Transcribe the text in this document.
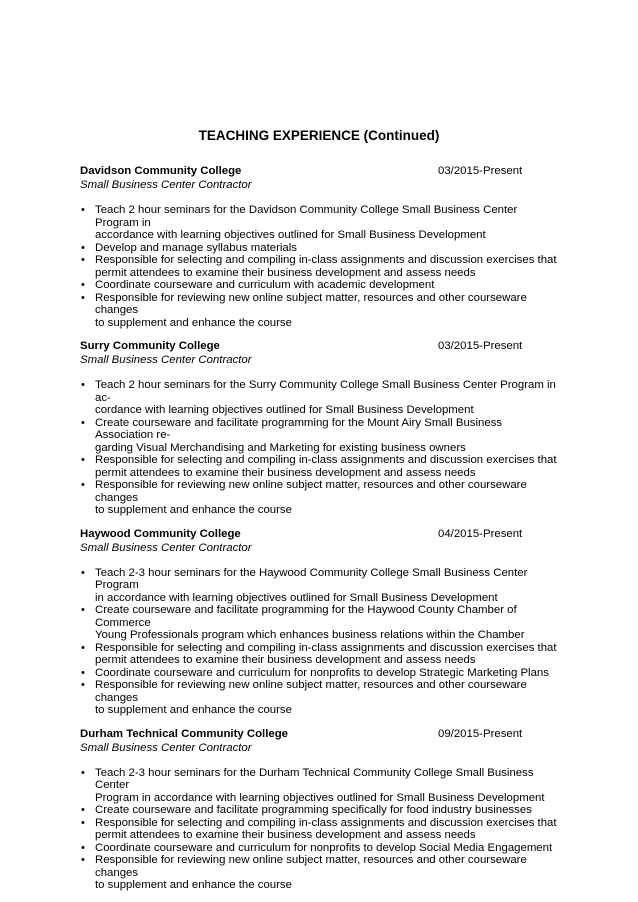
TEACHING EXPERIENCE (Continued)
Davidson Community College	03/2015-Present
Small Business Center Contractor
• Teach 2 hour seminars for the Davidson Community College Small Business Center Program in
accordance with learning objectives outlined for Small Business Development
• Develop and manage syllabus materials
• Responsible for selecting and compiling in-class assignments and discussion exercises that
permit attendees to examine their business development and assess needs
• Coordinate courseware and curriculum with academic development
• Responsible for reviewing new online subject matter, resources and other courseware changes
to supplement and enhance the course
Surry Community College	03/2015-Present
Small Business Center Contractor
• Teach 2 hour seminars for the Surry Community College Small Business Center Program in ac-
cordance with learning objectives outlined for Small Business Development
• Create courseware and facilitate programming for the Mount Airy Small Business Association re-
garding Visual Merchandising and Marketing for existing business owners
• Responsible for selecting and compiling in-class assignments and discussion exercises that
permit attendees to examine their business development and assess needs
• Responsible for reviewing new online subject matter, resources and other courseware changes
to supplement and enhance the course
Haywood Community College	04/2015-Present
Small Business Center Contractor
• Teach 2-3 hour seminars for the Haywood Community College Small Business Center Program
in accordance with learning objectives outlined for Small Business Development
• Create courseware and facilitate programming for the Haywood County Chamber of Commerce
Young Professionals program which enhances business relations within the Chamber
• Responsible for selecting and compiling in-class assignments and discussion exercises that
permit attendees to examine their business development and assess needs
• Coordinate courseware and curriculum for nonprofits to develop Strategic Marketing Plans
• Responsible for reviewing new online subject matter, resources and other courseware changes
to supplement and enhance the course
Durham Technical Community College	09/2015-Present
Small Business Center Contractor
• Teach 2-3 hour seminars for the Durham Technical Community College Small Business Center
Program in accordance with learning objectives outlined for Small Business Development
• Create courseware and facilitate programming specifically for food industry businesses
• Responsible for selecting and compiling in-class assignments and discussion exercises that
permit attendees to examine their business development and assess needs
• Coordinate courseware and curriculum for nonprofits to develop Social Media Engagement
• Responsible for reviewing new online subject matter, resources and other courseware changes
to supplement and enhance the course
